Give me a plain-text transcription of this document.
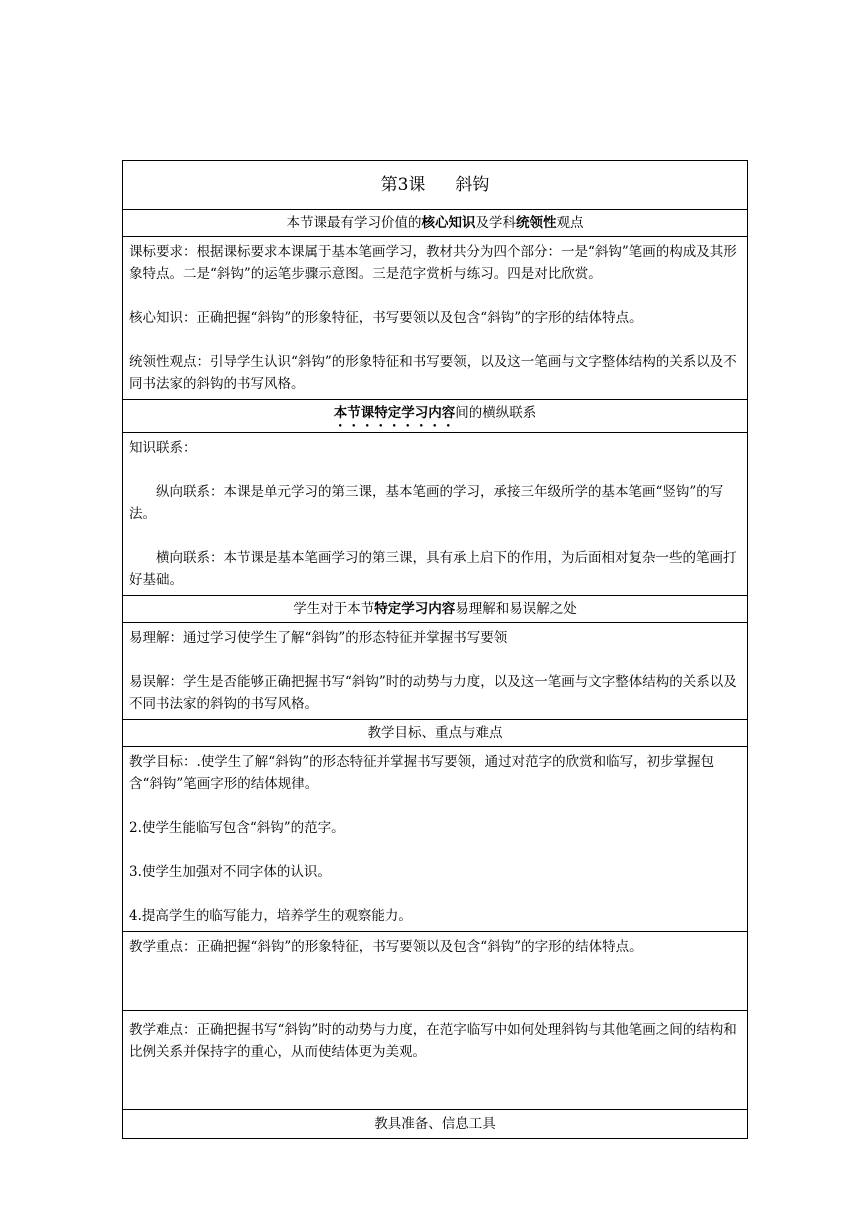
第3课 斜钩
本节课最有学习价值的核心知识及学科统领性观点

课标要求：根据课标要求本课属于基本笔画学习，教材共分为四个部分：一是“斜钩”笔画的构成及其形象特点。二是“斜钩”的运笔步骤示意图。三是范字赏析与练习。四是对比欣赏。
核心知识：正确把握“斜钩”的形象特征，书写要领以及包含“斜钩”的字形的结体特点。
统领性观点：引导学生认识“斜钩”的形象特征和书写要领，以及这一笔画与文字整体结构的关系以及不同书法家的斜钩的书写风格。

本节课特定学习内容间的横纵联系

知识联系：
纵向联系：本课是单元学习的第三课，基本笔画的学习，承接三年级所学的基本笔画“竖钩”的写法。
横向联系：本节课是基本笔画学习的第三课，具有承上启下的作用，为后面相对复杂一些的笔画打好基础。

学生对于本节特定学习内容易理解和易误解之处

易理解：通过学习使学生了解“斜钩”的形态特征并掌握书写要领
易误解：学生是否能够正确把握书写“斜钩”时的动势与力度，以及这一笔画与文字整体结构的关系以及不同书法家的斜钩的书写风格。

教学目标、重点与难点

教学目标：.使学生了解“斜钩”的形态特征并掌握书写要领，通过对范字的欣赏和临写，初步掌握包含“斜钩”笔画字形的结体规律。
2.使学生能临写包含“斜钩”的范字。
3.使学生加强对不同字体的认识。
4.提高学生的临写能力，培养学生的观察能力。

教学重点：正确把握“斜钩”的形象特征，书写要领以及包含“斜钩”的字形的结体特点。

教学难点：正确把握书写“斜钩”时的动势与力度，在范字临写中如何处理斜钩与其他笔画之间的结构和比例关系并保持字的重心，从而使结体更为美观。

教具准备、信息工具
